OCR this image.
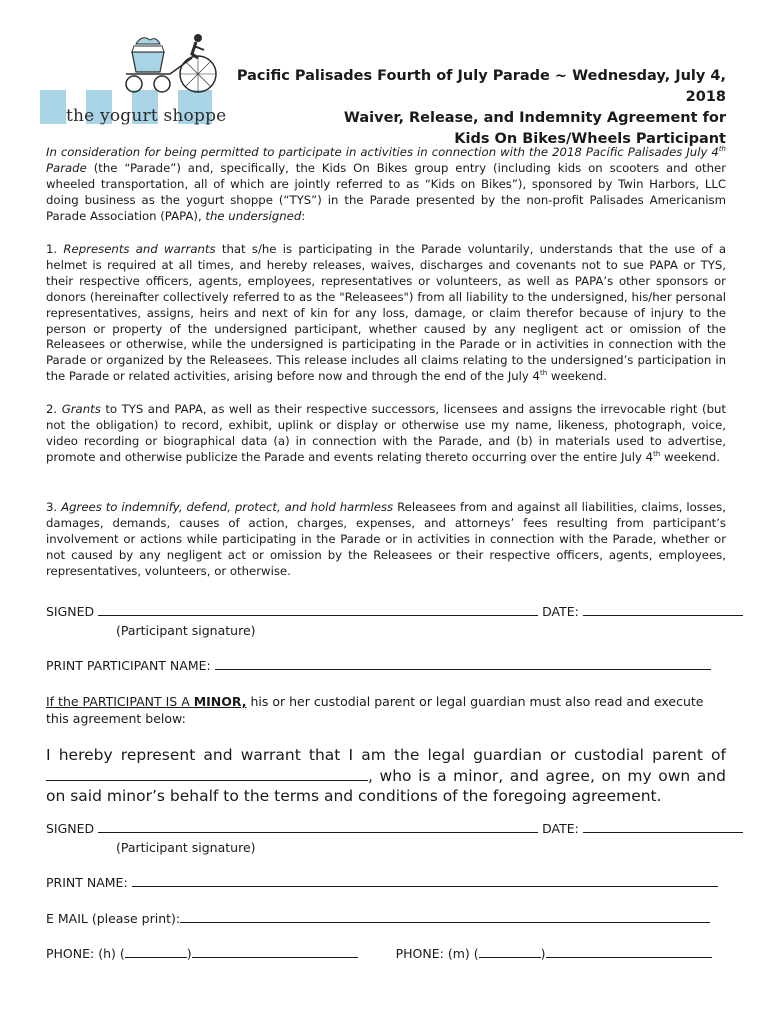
the yogurt shoppe
Pacific Palisades Fourth of July Parade ~ Wednesday, July 4, 2018
Waiver, Release, and Indemnity Agreement for
Kids On Bikes/Wheels Participant
In consideration for being permitted to participate in activities in connection with the 2018 Pacific Palisades July 4th Parade (the “Parade”) and, specifically, the Kids On Bikes group entry (including kids on scooters and other wheeled transportation, all of which are jointly referred to as “Kids on Bikes”), sponsored by Twin Harbors, LLC doing business as the yogurt shoppe (“TYS”) in the Parade presented by the non-profit Palisades Americanism Parade Association (PAPA), the undersigned:
1. Represents and warrants that s/he is participating in the Parade voluntarily, understands that the use of a helmet is required at all times, and hereby releases, waives, discharges and covenants not to sue PAPA or TYS, their respective officers, agents, employees, representatives or volunteers, as well as PAPA’s other sponsors or donors (hereinafter collectively referred to as the "Releasees") from all liability to the undersigned, his/her personal representatives, assigns, heirs and next of kin for any loss, damage, or claim therefor because of injury to the person or property of the undersigned participant, whether caused by any negligent act or omission of the Releasees or otherwise, while the undersigned is participating in the Parade or in activities in connection with the Parade or organized by the Releasees. This release includes all claims relating to the undersigned’s participation in the Parade or related activities, arising before now and through the end of the July 4th weekend.
2. Grants to TYS and PAPA, as well as their respective successors, licensees and assigns the irrevocable right (but not the obligation) to record, exhibit, uplink or display or otherwise use my name, likeness, photograph, voice, video recording or biographical data (a) in connection with the Parade, and (b) in materials used to advertise, promote and otherwise publicize the Parade and events relating thereto occurring over the entire July 4th weekend.
3. Agrees to indemnify, defend, protect, and hold harmless Releasees from and against all liabilities, claims, losses, damages, demands, causes of action, charges, expenses, and attorneys’ fees resulting from participant’s involvement or actions while participating in the Parade or in activities in connection with the Parade, whether or not caused by any negligent act or omission by the Releasees or their respective officers, agents, employees, representatives, volunteers, or otherwise.
SIGNED	DATE:
(Participant signature)
PRINT PARTICIPANT NAME:
If the PARTICIPANT IS A MINOR, his or her custodial parent or legal guardian must also read and execute this agreement below:
I hereby represent and warrant that I am the legal guardian or custodial parent of , who is a minor, and agree, on my own and on said minor’s behalf to the terms and conditions of the foregoing agreement.
SIGNED	DATE:
(Participant signature)
PRINT NAME:
E MAIL (please print):
PHONE: (h) (	)	PHONE: (m) (	)
